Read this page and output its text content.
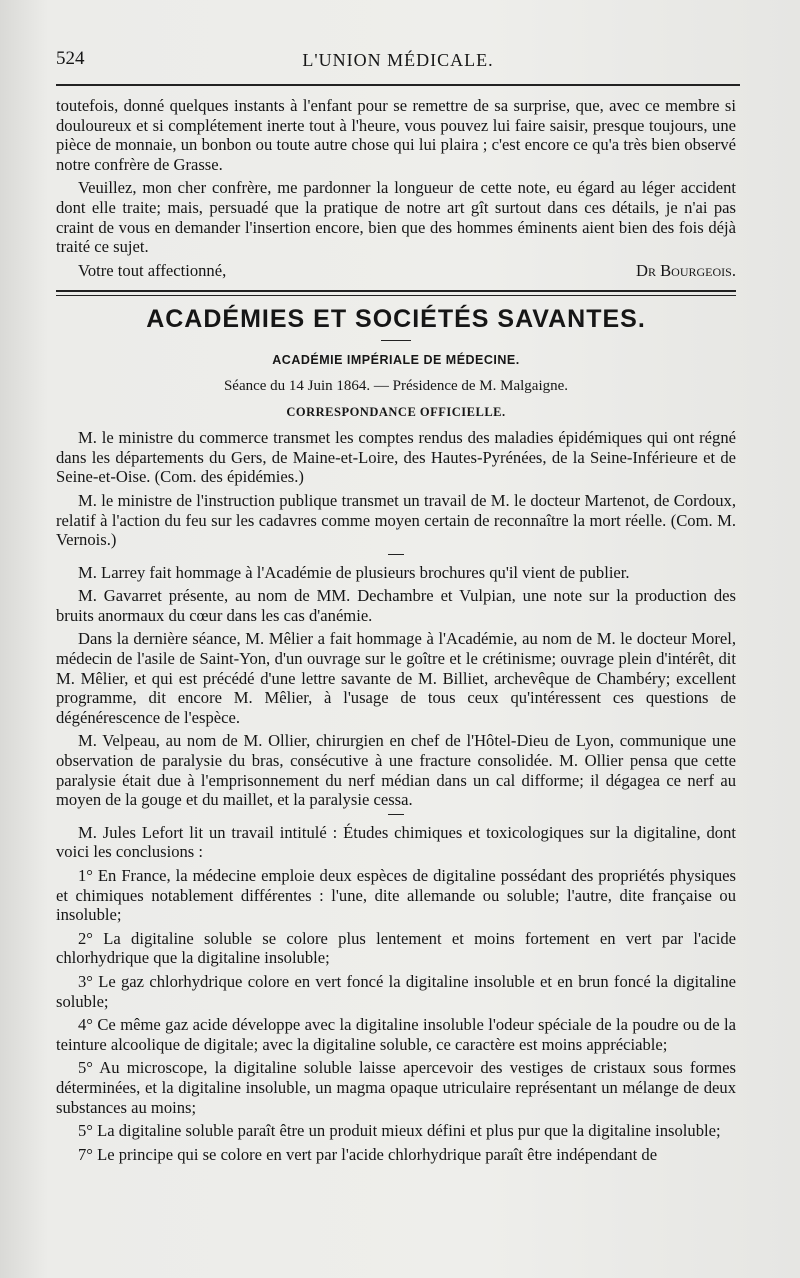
524	L'UNION MÉDICALE.

toutefois, donné quelques instants à l'enfant pour se remettre de sa surprise, que, avec ce membre si douloureux et si complétement inerte tout à l'heure, vous pouvez lui faire saisir, presque toujours, une pièce de monnaie, un bonbon ou toute autre chose qui lui plaira ; c'est encore ce qu'a très bien observé notre confrère de Grasse.

Veuillez, mon cher confrère, me pardonner la longueur de cette note, eu égard au léger accident dont elle traite; mais, persuadé que la pratique de notre art gît surtout dans ces détails, je n'ai pas craint de vous en demander l'insertion encore, bien que des hommes éminents aient bien des fois déjà traité ce sujet.

Votre tout affectionné,	Dr Bourgeois.
ACADÉMIES ET SOCIÉTÉS SAVANTES.
ACADÉMIE IMPÉRIALE DE MÉDECINE.
Séance du 14 Juin 1864. — Présidence de M. Malgaigne.
CORRESPONDANCE OFFICIELLE.

M. le ministre du commerce transmet les comptes rendus des maladies épidémiques qui ont régné dans les départements du Gers, de Maine-et-Loire, des Hautes-Pyrénées, de la Seine-Inférieure et de Seine-et-Oise. (Com. des épidémies.)

M. le ministre de l'instruction publique transmet un travail de M. le docteur Martenot, de Cordoux, relatif à l'action du feu sur les cadavres comme moyen certain de reconnaître la mort réelle. (Com. M. Vernois.)

M. Larrey fait hommage à l'Académie de plusieurs brochures qu'il vient de publier.

M. Gavarret présente, au nom de MM. Dechambre et Vulpian, une note sur la production des bruits anormaux du cœur dans les cas d'anémie.

Dans la dernière séance, M. Mêlier a fait hommage à l'Académie, au nom de M. le docteur Morel, médecin de l'asile de Saint-Yon, d'un ouvrage sur le goître et le crétinisme; ouvrage plein d'intérêt, dit M. Mêlier, et qui est précédé d'une lettre savante de M. Billiet, archevêque de Chambéry; excellent programme, dit encore M. Mêlier, à l'usage de tous ceux qu'intéressent ces questions de dégénérescence de l'espèce.

M. Velpeau, au nom de M. Ollier, chirurgien en chef de l'Hôtel-Dieu de Lyon, communique une observation de paralysie du bras, consécutive à une fracture consolidée. M. Ollier pensa que cette paralysie était due à l'emprisonnement du nerf médian dans un cal difforme; il dégagea ce nerf au moyen de la gouge et du maillet, et la paralysie cessa.

M. Jules Lefort lit un travail intitulé : Études chimiques et toxicologiques sur la digitaline, dont voici les conclusions :

1° En France, la médecine emploie deux espèces de digitaline possédant des propriétés physiques et chimiques notablement différentes : l'une, dite allemande ou soluble; l'autre, dite française ou insoluble;

2° La digitaline soluble se colore plus lentement et moins fortement en vert par l'acide chlorhydrique que la digitaline insoluble;

3° Le gaz chlorhydrique colore en vert foncé la digitaline insoluble et en brun foncé la digitaline soluble;

4° Ce même gaz acide développe avec la digitaline insoluble l'odeur spéciale de la poudre ou de la teinture alcoolique de digitale; avec la digitaline soluble, ce caractère est moins appréciable;

5° Au microscope, la digitaline soluble laisse apercevoir des vestiges de cristaux sous formes déterminées, et la digitaline insoluble, un magma opaque utriculaire représentant un mélange de deux substances au moins;

5° La digitaline soluble paraît être un produit mieux défini et plus pur que la digitaline insoluble;

7° Le principe qui se colore en vert par l'acide chlorhydrique paraît être indépendant de
